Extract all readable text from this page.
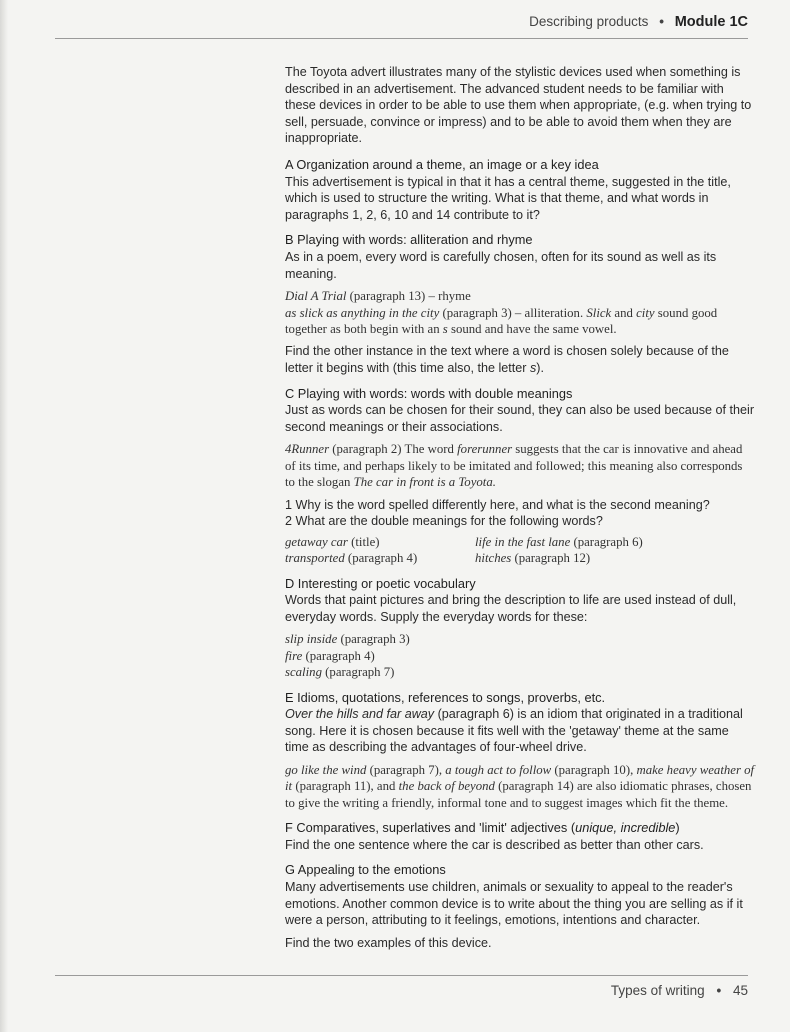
Describing products • Module 1C

The Toyota advert illustrates many of the stylistic devices used when something is described in an advertisement. The advanced student needs to be familiar with these devices in order to be able to use them when appropriate, (e.g. when trying to sell, persuade, convince or impress) and to be able to avoid them when they are inappropriate.

A Organization around a theme, an image or a key idea

This advertisement is typical in that it has a central theme, suggested in the title, which is used to structure the writing. What is that theme, and what words in paragraphs 1, 2, 6, 10 and 14 contribute to it?

B Playing with words: alliteration and rhyme

As in a poem, every word is carefully chosen, often for its sound as well as its meaning.

Dial A Trial (paragraph 13) – rhyme

as slick as anything in the city (paragraph 3) – alliteration. Slick and city sound good together as both begin with an s sound and have the same vowel.

Find the other instance in the text where a word is chosen solely because of the letter it begins with (this time also, the letter s).

C Playing with words: words with double meanings

Just as words can be chosen for their sound, they can also be used because of their second meanings or their associations.

4Runner (paragraph 2) The word forerunner suggests that the car is innovative and ahead of its time, and perhaps likely to be imitated and followed; this meaning also corresponds to the slogan The car in front is a Toyota.

1 Why is the word spelled differently here, and what is the second meaning?

2 What are the double meanings for the following words?

getaway car (title)

transported (paragraph 4)

life in the fast lane (paragraph 6)

hitches (paragraph 12)

D Interesting or poetic vocabulary

Words that paint pictures and bring the description to life are used instead of dull, everyday words. Supply the everyday words for these:

slip inside (paragraph 3)

fire (paragraph 4)

scaling (paragraph 7)

E Idioms, quotations, references to songs, proverbs, etc.

Over the hills and far away (paragraph 6) is an idiom that originated in a traditional song. Here it is chosen because it fits well with the 'getaway' theme at the same time as describing the advantages of four-wheel drive.

go like the wind (paragraph 7), a tough act to follow (paragraph 10), make heavy weather of it (paragraph 11), and the back of beyond (paragraph 14) are also idiomatic phrases, chosen to give the writing a friendly, informal tone and to suggest images which fit the theme.

F Comparatives, superlatives and 'limit' adjectives (unique, incredible)

Find the one sentence where the car is described as better than other cars.

G Appealing to the emotions

Many advertisements use children, animals or sexuality to appeal to the reader's emotions. Another common device is to write about the thing you are selling as if it were a person, attributing to it feelings, emotions, intentions and character.

Find the two examples of this device.

Types of writing • 45
